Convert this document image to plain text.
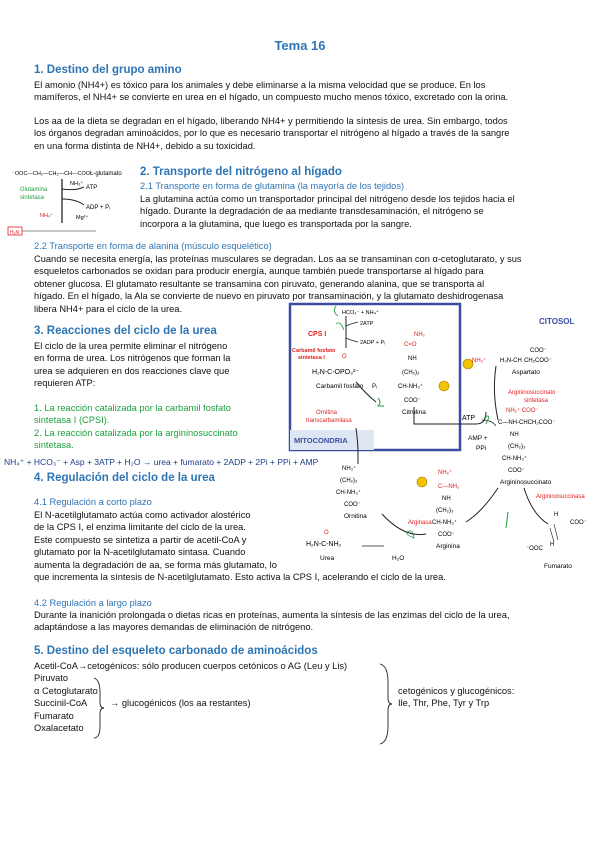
Tema 16
1. Destino del grupo amino
El amonio (NH4+) es tóxico para los animales y debe eliminarse a la misma velocidad que se produce. En los
mamíferos, el NH4+ se convierte en urea en el hígado, un compuesto mucho menos tóxico, excretado con la orina.
Los aa de la dieta se degradan en el hígado, liberando NH4+ y permitiendo la síntesis de urea. Sin embargo, todos
los órganos degradan aminoácidos, por lo que es necesario transportar el nitrógeno al hígado a través de la sangre
en una forma distinta de NH4+, debido a su toxicidad.
⁻OOC—CH₂—CH₂—CH—COO⁻
L-glutamato
NH₃⁺
ATP
ADP + Pᵢ
Glutamina
sintetasa
NH₄⁺	Mg²⁺
H₂N
2. Transporte del nitrógeno al hígado
2.1 Transporte en forma de glutamina (la mayoría de los tejidos)
La glutamina actúa como un transportador principal del nitrógeno desde los tejidos hacia el
hígado. Durante la degradación de aa mediante transdesaminación, el nitrógeno se
incorpora a la glutamina, que luego es transportada por la sangre.
2.2 Transporte en forma de alanina (músculo esquelético)
Cuando se necesita energía, las proteínas musculares se degradan. Los aa se transaminan con α-cetoglutarato, y sus
esqueletos carbonados se oxidan para producir energía, aunque también puede transportarse al hígado para
obtener glucosa. El glutamato resultante se transamina con piruvato, generando alanina, que se transporta al
hígado. En el hígado, la Ala se convierte de nuevo en piruvato por transaminación, y la glutamato deshidrogenasa
libera NH4+ para el ciclo de la urea.
3. Reacciones del ciclo de la urea
El ciclo de la urea permite eliminar el nitrógeno
en forma de urea. Los nitrógenos que forman la
urea se adquieren en dos reacciones clave que
requieren ATP:
1. La reacción catalizada por la carbamil fosfato
sintetasa I (CPSI).
2. La reacción catalizada por la argininosuccinato
sintetasa.
NH₄⁺ + HCO₃⁻ + Asp + 3ATP + H₂O → urea + fumarato + 2ADP + 2Pi + PPi + AMP
4. Regulación del ciclo de la urea
4.1 Regulación a corto plazo
El N-acetilglutamato actúa como activador alostérico
de la CPS I, el enzima limitante del ciclo de la urea.
Este compuesto se sintetiza a partir de acetil-CoA y
glutamato por la N-acetilglutamato sintasa. Cuando
aumenta la degradación de aa, se forma más glutamato, lo
que incrementa la síntesis de N-acetilglutamato. Esto activa la CPS I, acelerando el ciclo de la urea.
4.2 Regulación a largo plazo
Durante la inanición prolongada o dietas ricas en proteínas, aumenta la síntesis de las enzimas del ciclo de la urea,
adaptándose a las mayores demandas de eliminación de nitrógeno.
5. Destino del esqueleto carbonado de aminoácidos
Acetil-CoA→cetogénicos: sólo producen cuerpos cetónicos o AG (Leu y Lis)
Piruvato
α Cetoglutarato
Succinil-CoA → glucogénicos (los aa restantes)
Fumarato
Oxalacetato
cetogénicos y glucogénicos:
Ile, Thr, Phe, Tyr y Trp
MITOCONDRIA
CITOSOL
HCO₃⁻ + NH₄⁺
2ATP
2ADP + Pᵢ
CPS I
Carbamil fosfato
sintetasa I	O
H₂N-C-OPO₃²⁻
Carbamil fosfato Pᵢ
Ornitina
transcarbamilasa
NH₂
C=O
NH
(CH₂)₃
CH-NH₃⁺
COO⁻
Citrulina
H₃N-CH CH₂COO⁻
COO⁻
Aspartato
NH₃⁺
Argininosuccinato
sintetasa
ATP
AMP +
PPi
NH₂⁺ COO⁻
C—NH-CHCH₂COO⁻
NH
(CH₂)₃
CH-NH₃⁺
COO⁻
Argininosuccinato
Argininosuccinasa
H
COO⁻
⁻OOC
H
Fumarato
NH₂⁺
C—NH₂
NH
(CH₂)₃
CH-NH₃⁺
COO⁻
Arginina
Arginasa
H₂O
NH₃⁺
(CH₂)₃
CH-NH₃⁺
COO⁻
Ornitina
O
H₂N-C-NH₂
Urea
